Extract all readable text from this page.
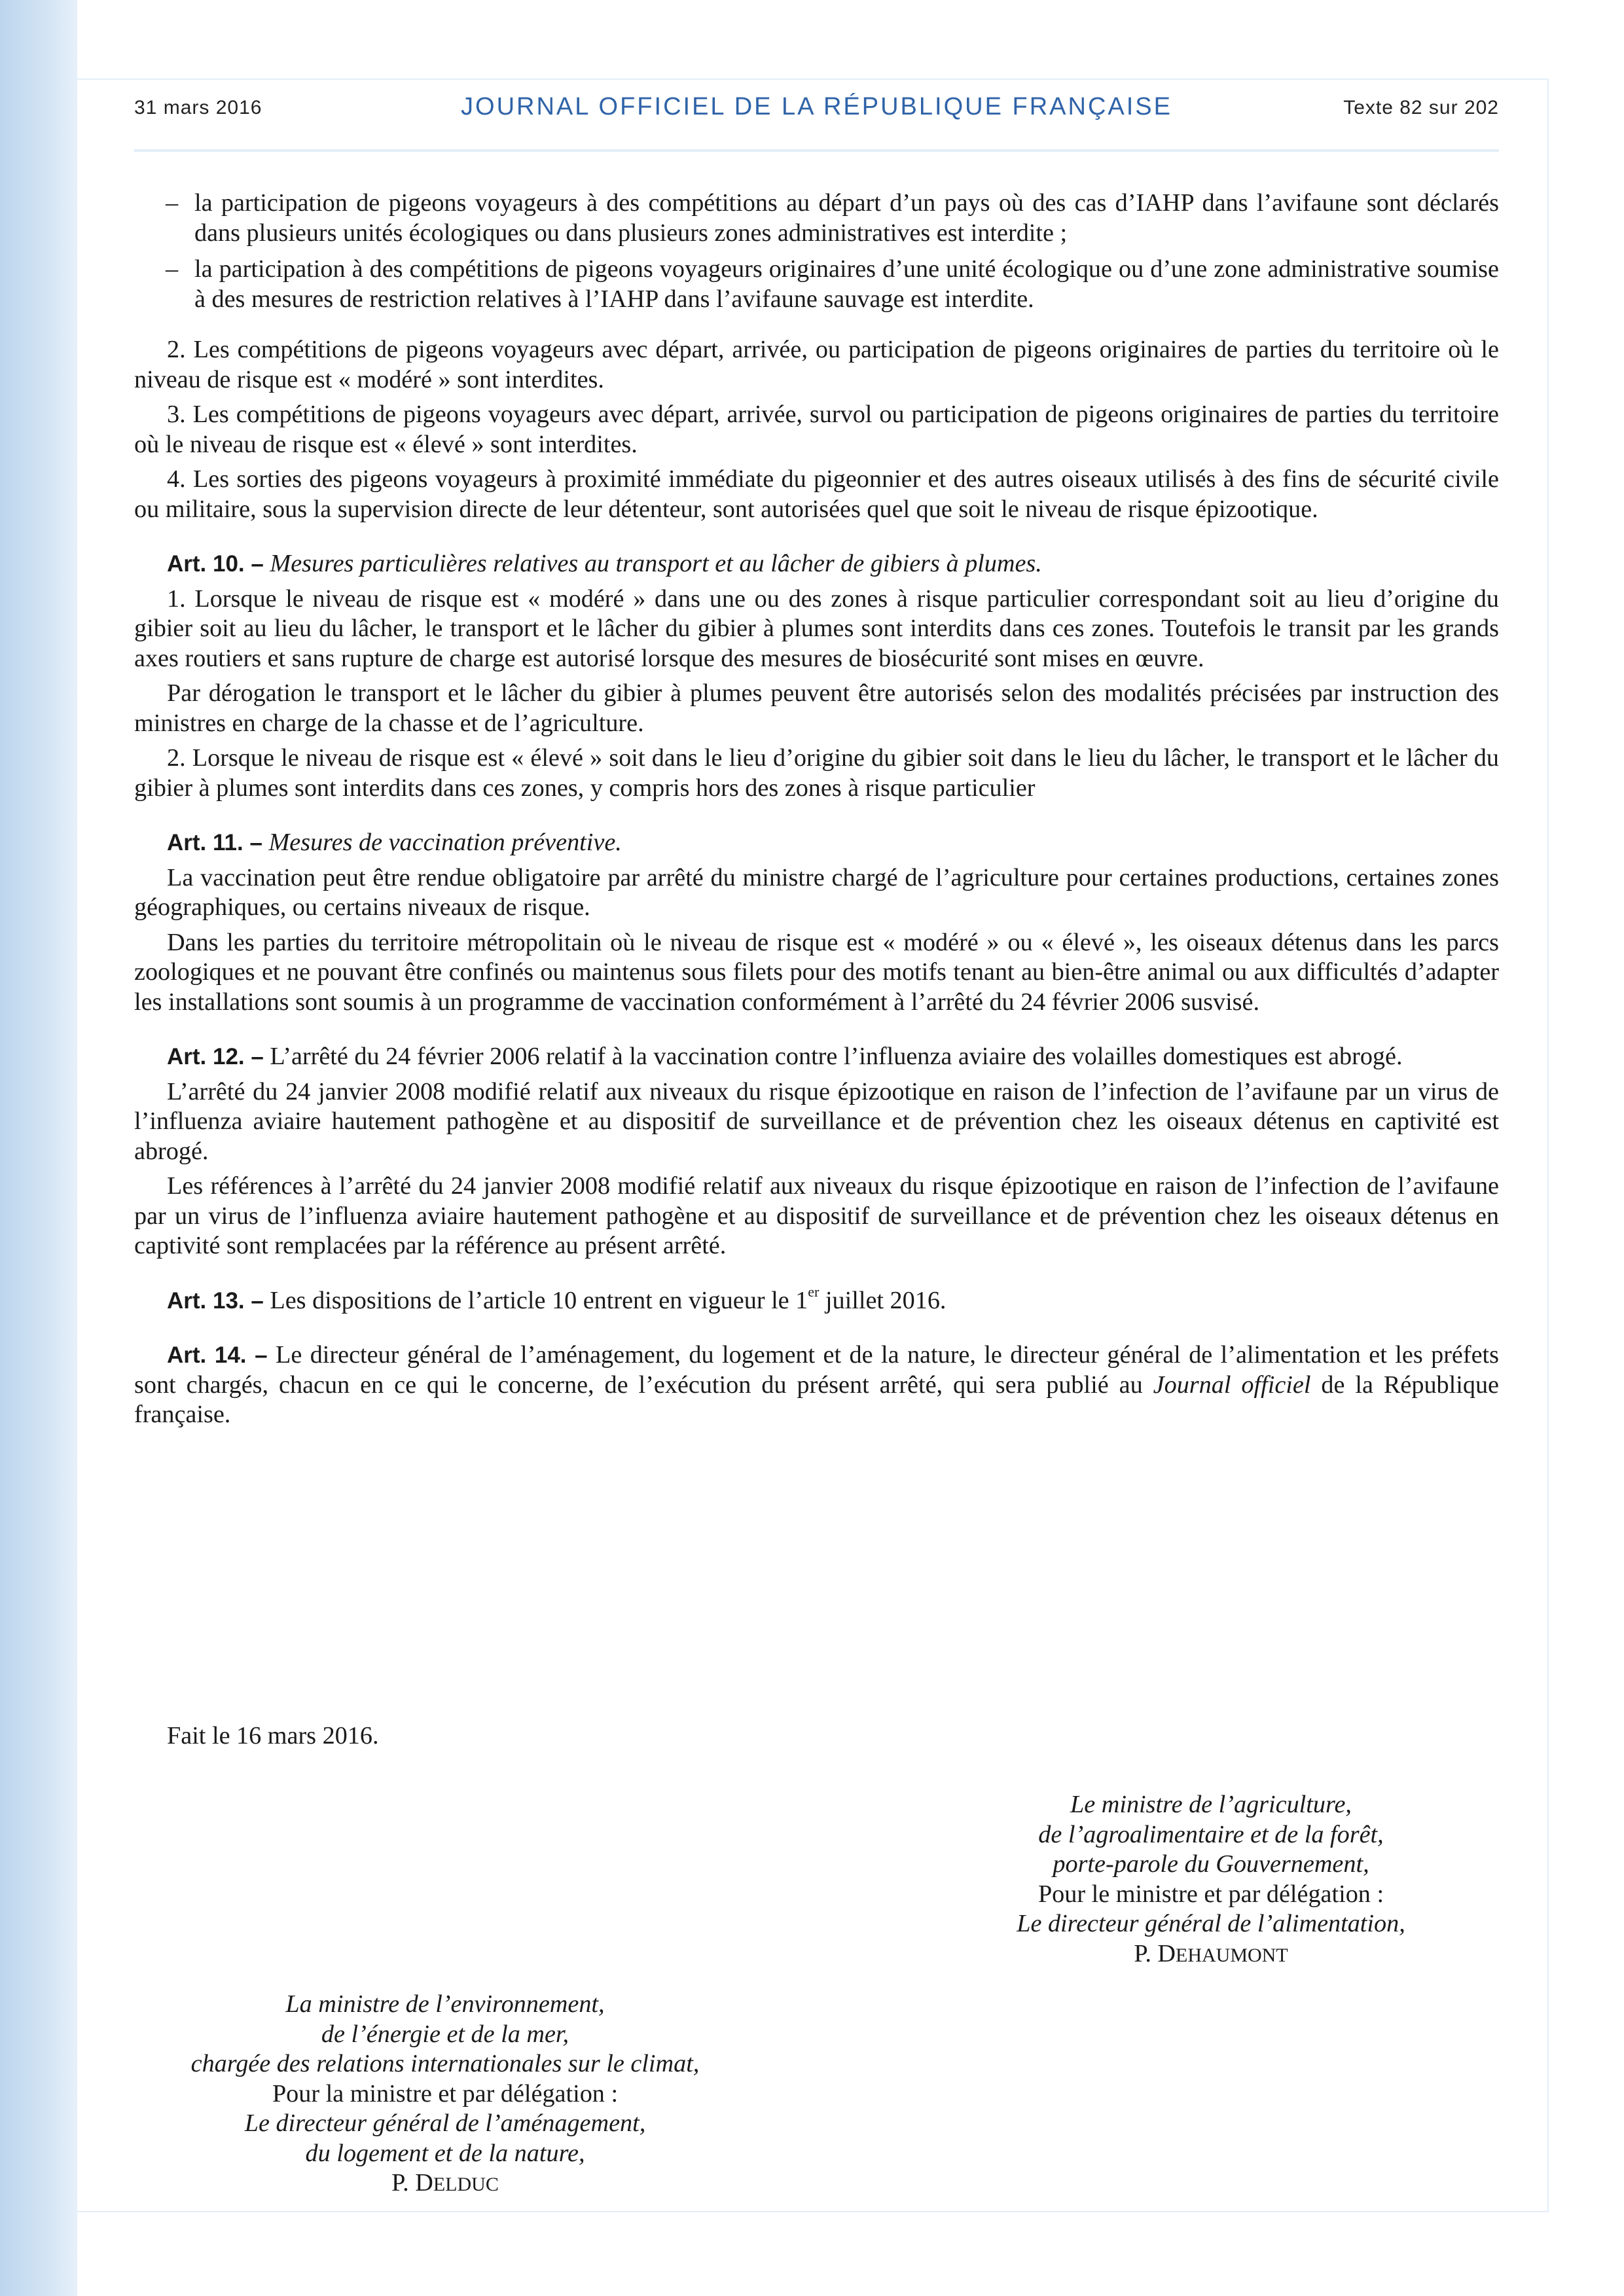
31 mars 2016	JOURNAL OFFICIEL DE LA RÉPUBLIQUE FRANÇAISE	Texte 82 sur 202
– la participation de pigeons voyageurs à des compétitions au départ d’un pays où des cas d’IAHP dans l’avifaune sont déclarés dans plusieurs unités écologiques ou dans plusieurs zones administratives est interdite ;
– la participation à des compétitions de pigeons voyageurs originaires d’une unité écologique ou d’une zone administrative soumise à des mesures de restriction relatives à l’IAHP dans l’avifaune sauvage est interdite.

2. Les compétitions de pigeons voyageurs avec départ, arrivée, ou participation de pigeons originaires de parties du territoire où le niveau de risque est « modéré » sont interdites.

3. Les compétitions de pigeons voyageurs avec départ, arrivée, survol ou participation de pigeons originaires de parties du territoire où le niveau de risque est « élevé » sont interdites.

4. Les sorties des pigeons voyageurs à proximité immédiate du pigeonnier et des autres oiseaux utilisés à des fins de sécurité civile ou militaire, sous la supervision directe de leur détenteur, sont autorisées quel que soit le niveau de risque épizootique.

Art. 10. – Mesures particulières relatives au transport et au lâcher de gibiers à plumes.

1. Lorsque le niveau de risque est « modéré » dans une ou des zones à risque particulier correspondant soit au lieu d’origine du gibier soit au lieu du lâcher, le transport et le lâcher du gibier à plumes sont interdits dans ces zones. Toutefois le transit par les grands axes routiers et sans rupture de charge est autorisé lorsque des mesures de biosécurité sont mises en œuvre.

Par dérogation le transport et le lâcher du gibier à plumes peuvent être autorisés selon des modalités précisées par instruction des ministres en charge de la chasse et de l’agriculture.

2. Lorsque le niveau de risque est « élevé » soit dans le lieu d’origine du gibier soit dans le lieu du lâcher, le transport et le lâcher du gibier à plumes sont interdits dans ces zones, y compris hors des zones à risque particulier

Art. 11. – Mesures de vaccination préventive.

La vaccination peut être rendue obligatoire par arrêté du ministre chargé de l’agriculture pour certaines productions, certaines zones géographiques, ou certains niveaux de risque.

Dans les parties du territoire métropolitain où le niveau de risque est « modéré » ou « élevé », les oiseaux détenus dans les parcs zoologiques et ne pouvant être confinés ou maintenus sous filets pour des motifs tenant au bien-être animal ou aux difficultés d’adapter les installations sont soumis à un programme de vaccination conformément à l’arrêté du 24 février 2006 susvisé.

Art. 12. – L’arrêté du 24 février 2006 relatif à la vaccination contre l’influenza aviaire des volailles domestiques est abrogé.

L’arrêté du 24 janvier 2008 modifié relatif aux niveaux du risque épizootique en raison de l’infection de l’avifaune par un virus de l’influenza aviaire hautement pathogène et au dispositif de surveillance et de prévention chez les oiseaux détenus en captivité est abrogé.

Les références à l’arrêté du 24 janvier 2008 modifié relatif aux niveaux du risque épizootique en raison de l’infection de l’avifaune par un virus de l’influenza aviaire hautement pathogène et au dispositif de surveillance et de prévention chez les oiseaux détenus en captivité sont remplacées par la référence au présent arrêté.

Art. 13. – Les dispositions de l’article 10 entrent en vigueur le 1er juillet 2016.

Art. 14. – Le directeur général de l’aménagement, du logement et de la nature, le directeur général de l’alimentation et les préfets sont chargés, chacun en ce qui le concerne, de l’exécution du présent arrêté, qui sera publié au Journal officiel de la République française.

Fait le 16 mars 2016.
Le ministre de l’agriculture,
de l’agroalimentaire et de la forêt,
porte-parole du Gouvernement,
Pour le ministre et par délégation :
Le directeur général de l’alimentation,
P. DEHAUMONT
La ministre de l’environnement,
de l’énergie et de la mer,
chargée des relations internationales sur le climat,
Pour la ministre et par délégation :
Le directeur général de l’aménagement,
du logement et de la nature,
P. DELDUC
